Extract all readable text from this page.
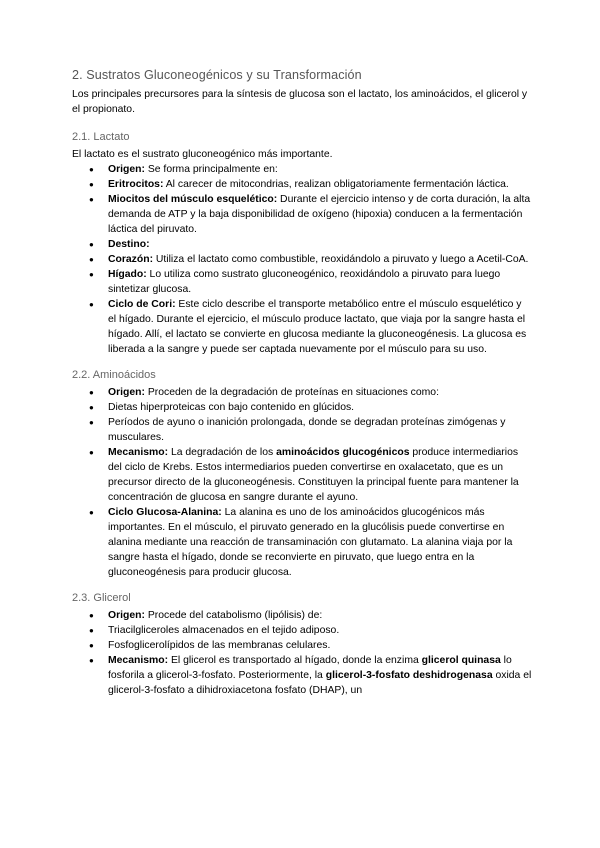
2. Sustratos Gluconeogénicos y su Transformación

Los principales precursores para la síntesis de glucosa son el lactato, los aminoácidos, el glicerol y el propionato.

2.1. Lactato

El lactato es el sustrato gluconeogénico más importante.

● Origen: Se forma principalmente en:
● Eritrocitos: Al carecer de mitocondrias, realizan obligatoriamente fermentación láctica.
● Miocitos del músculo esquelético: Durante el ejercicio intenso y de corta duración, la alta demanda de ATP y la baja disponibilidad de oxígeno (hipoxia) conducen a la fermentación láctica del piruvato.
● Destino:
● Corazón: Utiliza el lactato como combustible, reoxidándolo a piruvato y luego a Acetil-CoA.
● Hígado: Lo utiliza como sustrato gluconeogénico, reoxidándolo a piruvato para luego sintetizar glucosa.
● Ciclo de Cori: Este ciclo describe el transporte metabólico entre el músculo esquelético y el hígado. Durante el ejercicio, el músculo produce lactato, que viaja por la sangre hasta el hígado. Allí, el lactato se convierte en glucosa mediante la gluconeogénesis. La glucosa es liberada a la sangre y puede ser captada nuevamente por el músculo para su uso.
2.2. Aminoácidos
● Origen: Proceden de la degradación de proteínas en situaciones como:
● Dietas hiperproteicas con bajo contenido en glúcidos.
● Períodos de ayuno o inanición prolongada, donde se degradan proteínas zimógenas y musculares.
● Mecanismo: La degradación de los aminoácidos glucogénicos produce intermediarios del ciclo de Krebs. Estos intermediarios pueden convertirse en oxalacetato, que es un precursor directo de la gluconeogénesis. Constituyen la principal fuente para mantener la concentración de glucosa en sangre durante el ayuno.
● Ciclo Glucosa-Alanina: La alanina es uno de los aminoácidos glucogénicos más importantes. En el músculo, el piruvato generado en la glucólisis puede convertirse en alanina mediante una reacción de transaminación con glutamato. La alanina viaja por la sangre hasta el hígado, donde se reconvierte en piruvato, que luego entra en la gluconeogénesis para producir glucosa.
2.3. Glicerol
● Origen: Procede del catabolismo (lipólisis) de:
● Triacilgliceroles almacenados en el tejido adiposo.
● Fosfoglicerolípidos de las membranas celulares.
● Mecanismo: El glicerol es transportado al hígado, donde la enzima glicerol quinasa lo fosforila a glicerol-3-fosfato. Posteriormente, la glicerol-3-fosfato deshidrogenasa oxida el glicerol-3-fosfato a dihidroxiacetona fosfato (DHAP), un
